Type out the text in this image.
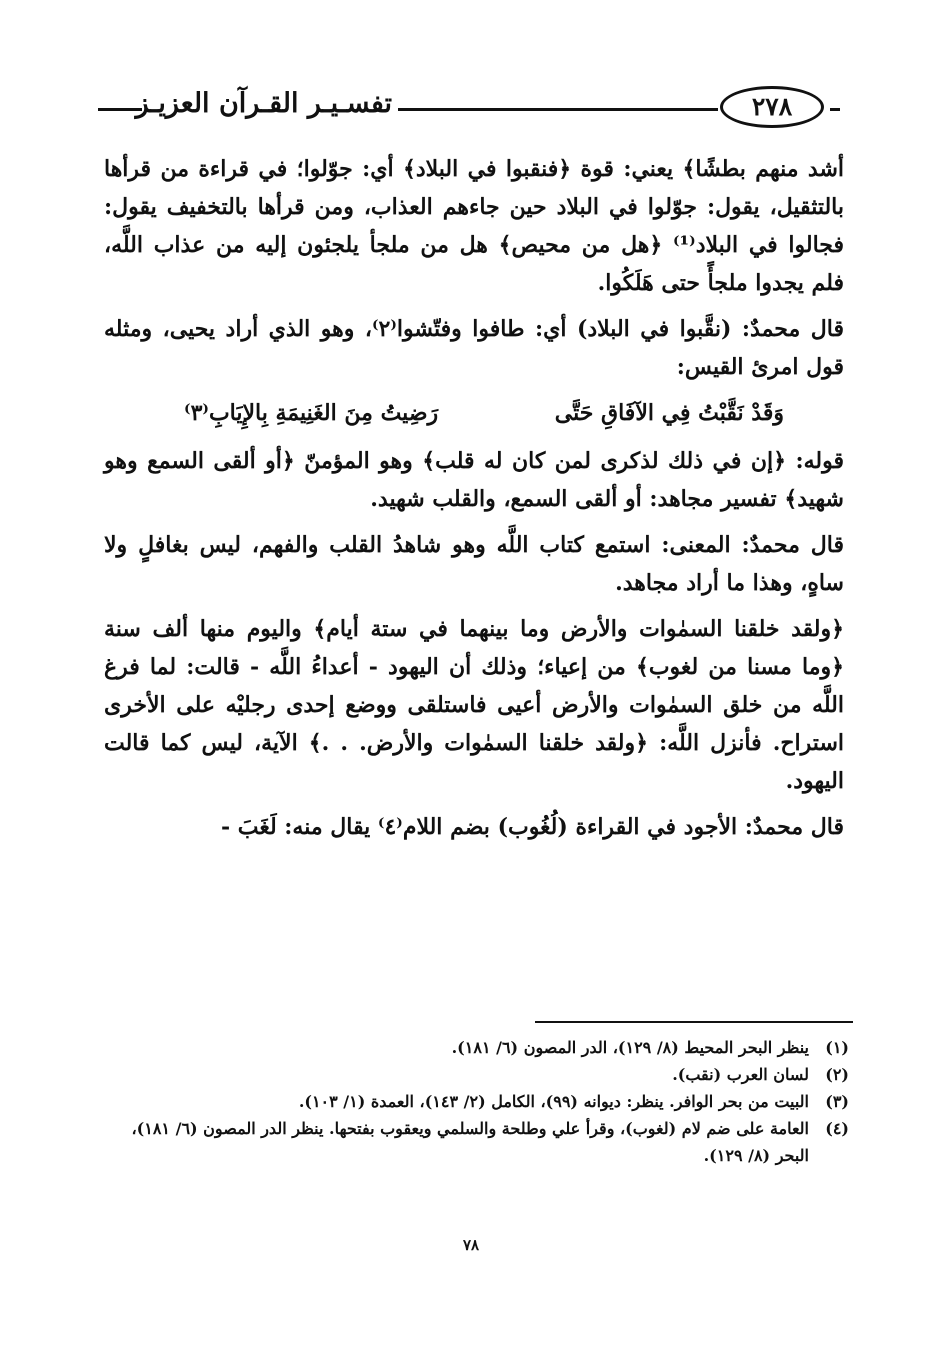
تفسـيـر القـرآن العزيـز	٢٧٨

أشد منهم بطشًا﴾ يعني: قوة ﴿فنقبوا في البلاد﴾ أي: جوّلوا؛ في قراءة من قرأها بالتثقيل، يقول: جوّلوا في البلاد حين جاءهم العذاب، ومن قرأها بالتخفيف يقول: فجالوا في البلاد⁽¹⁾ ﴿هل من محيص﴾ هل من ملجأ يلجئون إليه من عذاب اللَّه، فلم يجدوا ملجأً حتى هَلَكُوا.

قال محمدٌ: (نقَّبوا في البلاد) أي: طافوا وفتّشوا⁽٢⁾، وهو الذي أراد يحيى، ومثله قول امرئ القيس:

وَقَدْ نَقَّبْتُ فِي الآفَاقِ حَتَّى
رَضِيتُ مِنَ الغَنِيمَةِ بِالإِيَابِ⁽٣⁾

قوله: ﴿إن في ذلك لذكرى لمن كان له قلب﴾ وهو المؤمنّ ﴿أو ألقى السمع وهو شهيد﴾ تفسير مجاهد: أو ألقى السمع، والقلب شهيد.

قال محمدٌ: المعنى: استمع كتاب اللَّه وهو شاهدُ القلب والفهم، ليس بغافلٍ ولا ساهٍ، وهذا ما أراد مجاهد.

﴿ولقد خلقنا السمٰوات والأرض وما بينهما في ستة أيام﴾ واليوم منها ألف سنة ﴿وما مسنا من لغوب﴾ من إعياء؛ وذلك أن اليهود - أعداءُ اللَّه - قالت: لما فرغ اللَّه من خلق السمٰوات والأرض أعيى فاستلقى ووضع إحدى رجليْه على الأخرى استراح. فأنزل اللَّه: ﴿ولقد خلقنا السمٰوات والأرض. . .﴾ الآية، ليس كما قالت اليهود.

قال محمدٌ: الأجود في القراءة (لُغُوب) بضم اللام⁽٤⁾ يقال منه: لَغَبَ -

(١)
ينظر البحر المحيط (٨/ ١٢٩)، الدر المصون (٦/ ١٨١).
(٢)
لسان العرب (نقب).
(٣)
البيت من بحر الوافر. ينظر: ديوانه (٩٩)، الكامل (٢/ ١٤٣)، العمدة (١/ ١٠٣).
(٤)
العامة على ضم لام (لغوب)، وقرأ علي وطلحة والسلمي ويعقوب بفتحها. ينظر الدر المصون (٦/ ١٨١)، البحر (٨/ ١٢٩).
٧٨
